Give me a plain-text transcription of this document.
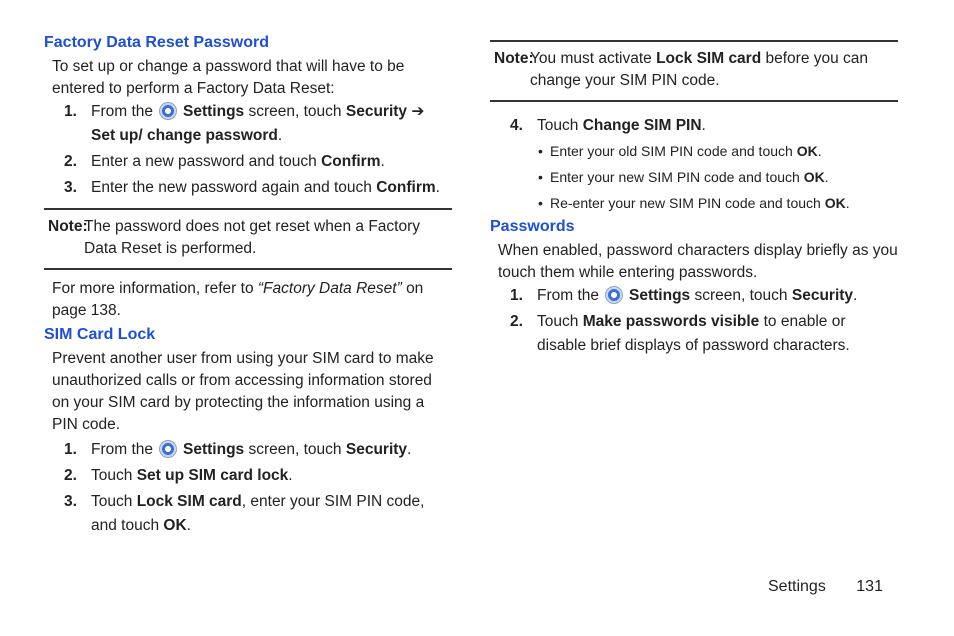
Factory Data Reset Password

To set up or change a password that will have to be entered to perform a Factory Data Reset:

1. From the Settings screen, touch Security ➔ Set up/ change password.
2. Enter a new password and touch Confirm.
3. Enter the new password again and touch Confirm.
Note:
The password does not get reset when a Factory Data Reset is performed.

For more information, refer to “Factory Data Reset” on page 138.

SIM Card Lock

Prevent another user from using your SIM card to make unauthorized calls or from accessing information stored on your SIM card by protecting the information using a PIN code.

1. From the Settings screen, touch Security.
2. Touch Set up SIM card lock.
3. Touch Lock SIM card, enter your SIM PIN code, and touch OK.
Note:
You must activate Lock SIM card before you can change your SIM PIN code.
4. Touch Change SIM PIN.
• Enter your old SIM PIN code and touch OK.
• Enter your new SIM PIN code and touch OK.
• Re-enter your new SIM PIN code and touch OK.
Passwords

When enabled, password characters display briefly as you touch them while entering passwords.

1. From the Settings screen, touch Security.
2. Touch Make passwords visible to enable or disable brief displays of password characters.
Settings 131
